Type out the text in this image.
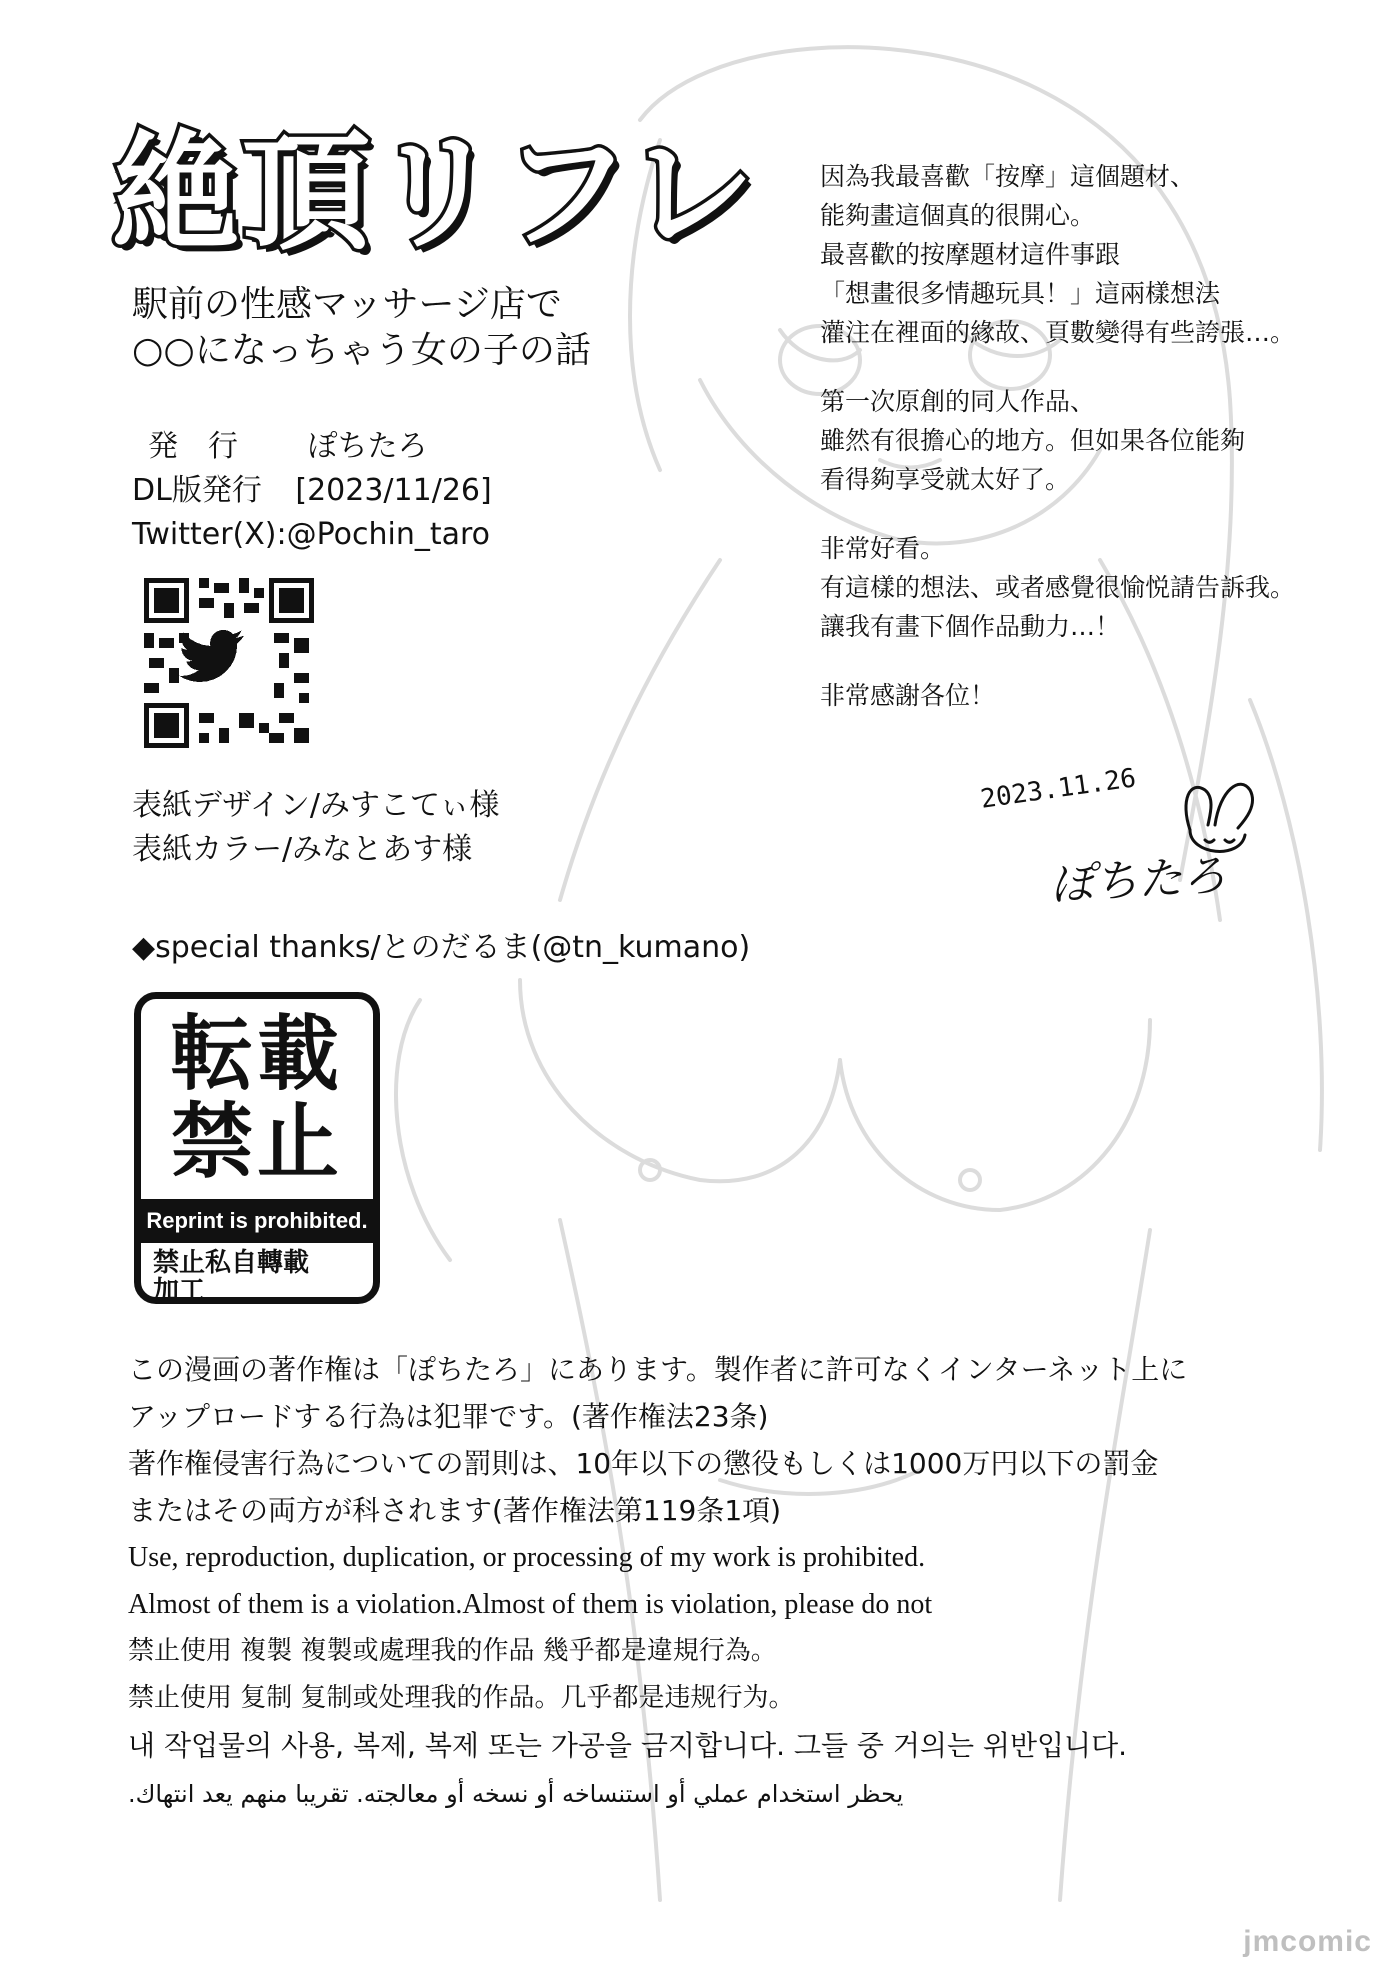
絶頂リフレ
駅前の性感マッサージ店で
○○になっちゃう女の子の話
発　行 ぽちたろ
DL版発行 [2023/11/26]
Twitter(X):@Pochin_taro
表紙デザイン/みすこてぃ様
表紙カラー/みなとあす様
◆special thanks/とのだるま(@tn_kumano)
転載
禁止
Reprint is prohibited.
禁止私自轉載
加工
因為我最喜歡「按摩」這個題材、
能夠畫這個真的很開心。
最喜歡的按摩題材這件事跟
「想畫很多情趣玩具！」這兩樣想法
灌注在裡面的緣故、頁數變得有些誇張…。
第一次原創的同人作品、
雖然有很擔心的地方。但如果各位能夠
看得夠享受就太好了。
非常好看。
有這樣的想法、或者感覺很愉悦請告訴我。
讓我有畫下個作品動力…！
非常感謝各位！
2023.11.26
ぽちたろ
この漫画の著作権は「ぽちたろ」にあります。製作者に許可なくインターネット上に
アップロードする行為は犯罪です。(著作権法23条)
著作権侵害行為についての罰則は、10年以下の懲役もしくは1000万円以下の罰金
またはその両方が科されます(著作権法第119条1項)
Use, reproduction, duplication, or processing of my work is prohibited.
Almost of them is a violation.Almost of them is violation, please do not
禁止使用 複製 複製或處理我的作品 幾乎都是違規行為。
禁止使用 复制 复制或处理我的作品。几乎都是违规行为。
내 작업물의 사용, 복제, 복제 또는 가공을 금지합니다. 그들 중 거의는 위반입니다.
يحظر استخدام عملي أو استنساخه أو نسخه أو معالجته. تقريبا منهم يعد انتهاك.
jmcomic
